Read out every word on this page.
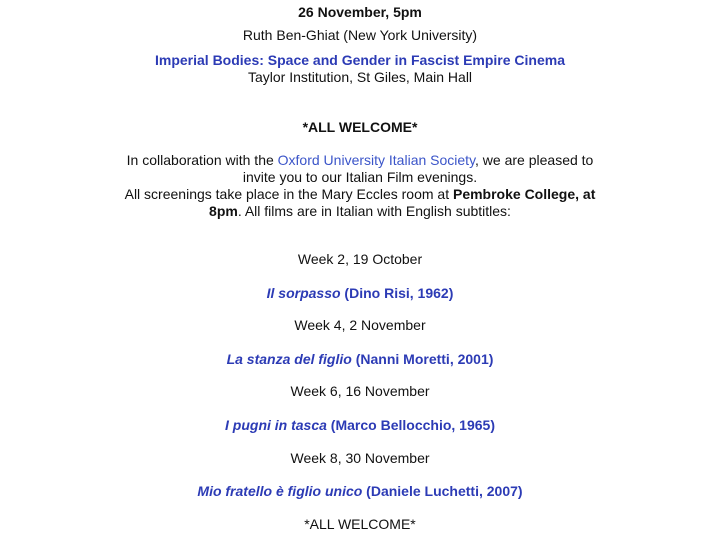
26 November, 5pm
Ruth Ben-Ghiat (New York University)
Imperial Bodies: Space and Gender in Fascist Empire Cinema
Taylor Institution, St Giles, Main Hall
*ALL WELCOME*
In collaboration with the Oxford University Italian Society, we are pleased to
invite you to our Italian Film evenings.
All screenings take place in the Mary Eccles room at Pembroke College, at
8pm. All films are in Italian with English subtitles:
Week 2, 19 October
Il sorpasso (Dino Risi, 1962)
Week 4, 2 November
La stanza del figlio (Nanni Moretti, 2001)
Week 6, 16 November
I pugni in tasca (Marco Bellocchio, 1965)
Week 8, 30 November
Mio fratello è figlio unico (Daniele Luchetti, 2007)
*ALL WELCOME*
